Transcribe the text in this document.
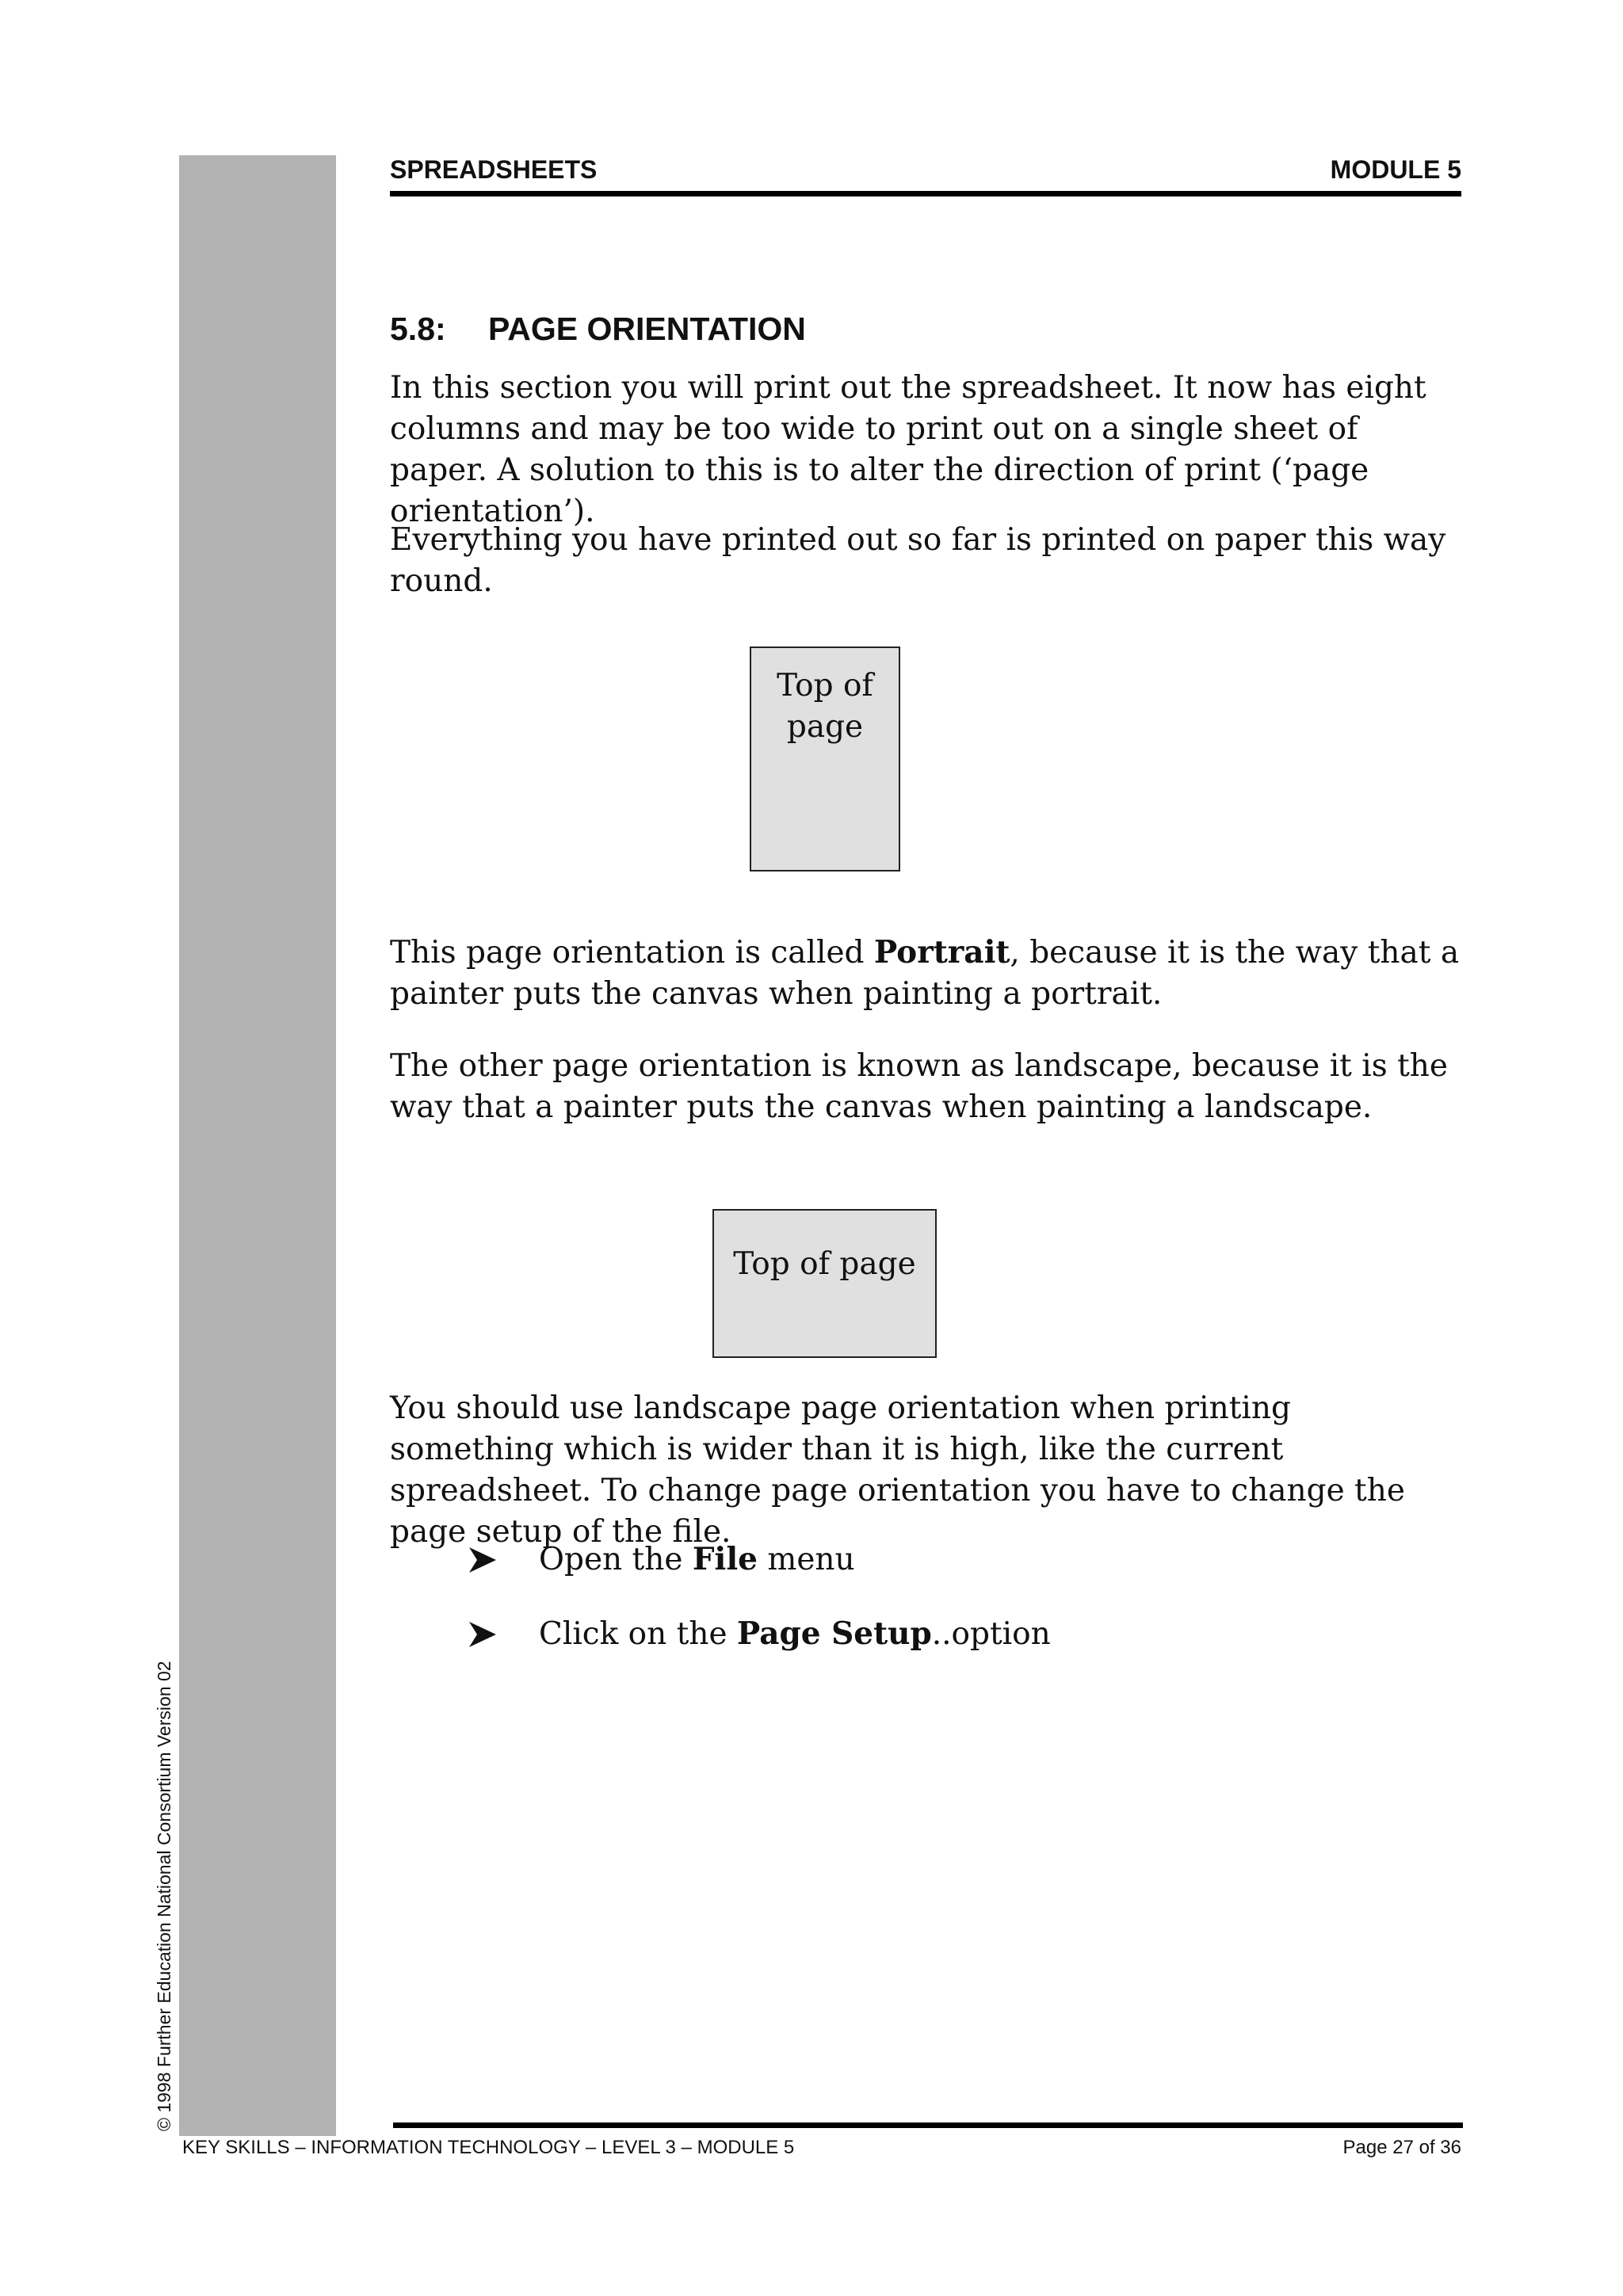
© 1998 Further Education National Consortium Version 02
SPREADSHEETS	MODULE 5
5.8: PAGE ORIENTATION

In this section you will print out the spreadsheet. It now has eight columns and may be too wide to print out on a single sheet of paper. A solution to this is to alter the direction of print (‘page orientation’).

Everything you have printed out so far is printed on paper this way round.

Top of page

This page orientation is called Portrait, because it is the way that a painter puts the canvas when painting a portrait.

The other page orientation is known as landscape, because it is the way that a painter puts the canvas when painting a landscape.

Top of page

You should use landscape page orientation when printing something which is wider than it is high, like the current spreadsheet. To change page orientation you have to change the page setup of the file.

Open the File menu
Click on the Page Setup..option
KEY SKILLS – INFORMATION TECHNOLOGY – LEVEL 3 – MODULE 5	Page 27 of 36
